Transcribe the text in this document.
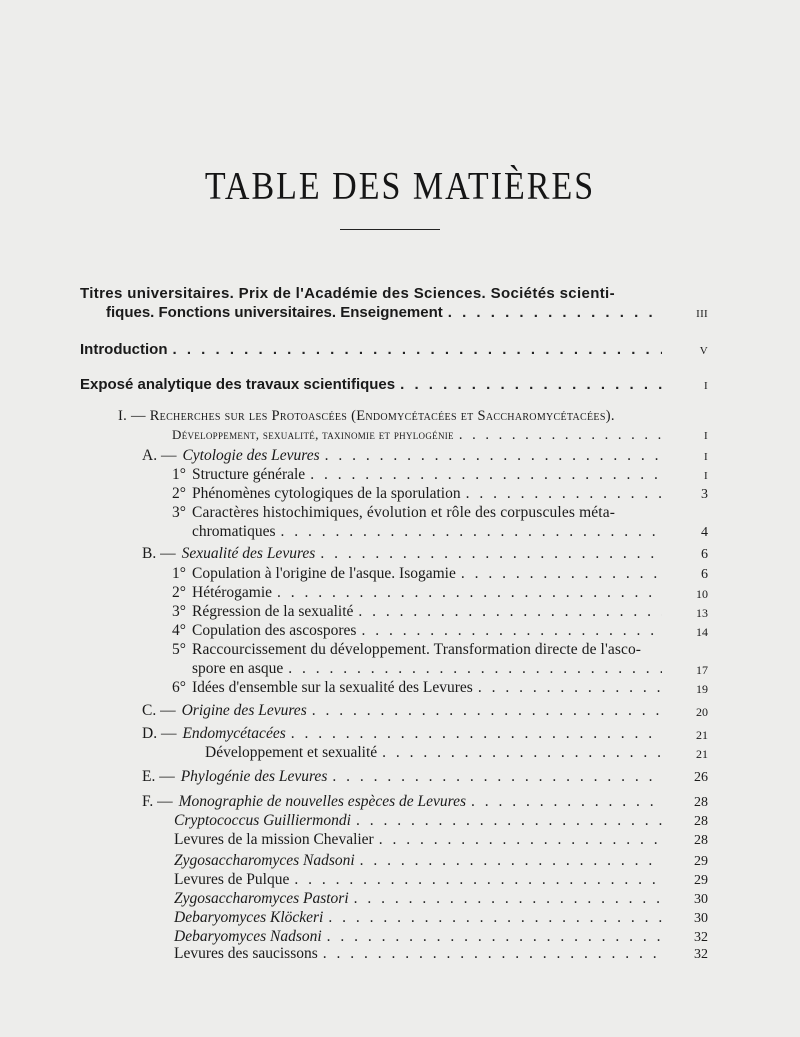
TABLE DES MATIÈRES
Titres universitaires. Prix de l'Académie des Sciences. Sociétés scienti-
fiques. Fonctions universitaires. Enseignement . . .	III
Introduction . . .	V
Exposé analytique des travaux scientifiques . . .	I
I. — Recherches sur les Protoascées (Endomycétacées et Saccharomycétacées).
Développement, sexualité, taxinomie et phylogénie . . .	I
A. — Cytologie des Levures . . .	I
1° Structure générale . . .	I
2° Phénomènes cytologiques de la sporulation . . .	3
3° Caractères histochimiques, évolution et rôle des corpuscules méta-
chromatiques . . .	4
B. — Sexualité des Levures . . .	6
1° Copulation à l'origine de l'asque. Isogamie . . .	6
2° Hétérogamie . . .	10
3° Régression de la sexualité . . .	13
4° Copulation des ascospores . . .	14
5° Raccourcissement du développement. Transformation directe de l'asco-
spore en asque . . .	17
6° Idées d'ensemble sur la sexualité des Levures . . .	19
C. — Origine des Levures . . .	20
D. — Endomycétacées . . .	21
Développement et sexualité . . .	21
E. — Phylogénie des Levures . . .	26
F. — Monographie de nouvelles espèces de Levures . . .	28
Cryptococcus Guilliermondi . . .	28
Levures de la mission Chevalier . . .	28
Zygosaccharomyces Nadsoni . . .	29
Levures de Pulque . . .	29
Zygosaccharomyces Pastori . . .	30
Debaryomyces Klöckeri . . .	30
Debaryomyces Nadsoni . . .	32
Levures des saucissons . . .	32
